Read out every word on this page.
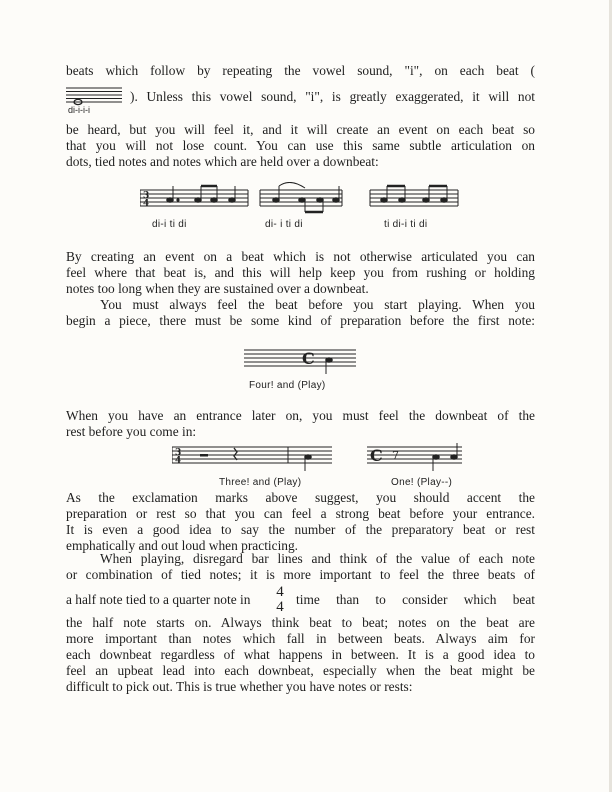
beats which follow by repeating the vowel sound, "i", on each beat (
di-i-i-i
). Unless this vowel sound, "i", is greatly exaggerated, it will not
be heard, but you will feel it, and it will create an event on each beat so
that you will not lose count. You can use this same subtle articulation on
dots, tied notes and notes which are held over a downbeat:
3
4
di-i ti di	di- i ti di	ti di-i ti di
By creating an event on a beat which is not otherwise articulated you can
feel where that beat is, and this will help keep you from rushing or holding
notes too long when they are sustained over a downbeat.
You must always feel the beat before you start playing. When you
begin a piece, there must be some kind of preparation before the first note:
C
Four! and (Play)
When you have an entrance later on, you must feel the downbeat of the
rest before you come in:
3
4	C 7
Three! and (Play)	One! (Play--)
As the exclamation marks above suggest, you should accent the
preparation or rest so that you can feel a strong beat before your entrance.
It is even a good idea to say the number of the preparatory beat or rest
emphatically and out loud when practicing.
When playing, disregard bar lines and think of the value of each note
or combination of tied notes; it is more important to feel the three beats of
a half note tied to a quarter note in	4
4 time than to consider which beat
the half note starts on. Always think beat to beat; notes on the beat are
more important than notes which fall in between beats. Always aim for
each downbeat regardless of what happens in between. It is a good idea to
feel an upbeat lead into each downbeat, especially when the beat might be
difficult to pick out. This is true whether you have notes or rests:
